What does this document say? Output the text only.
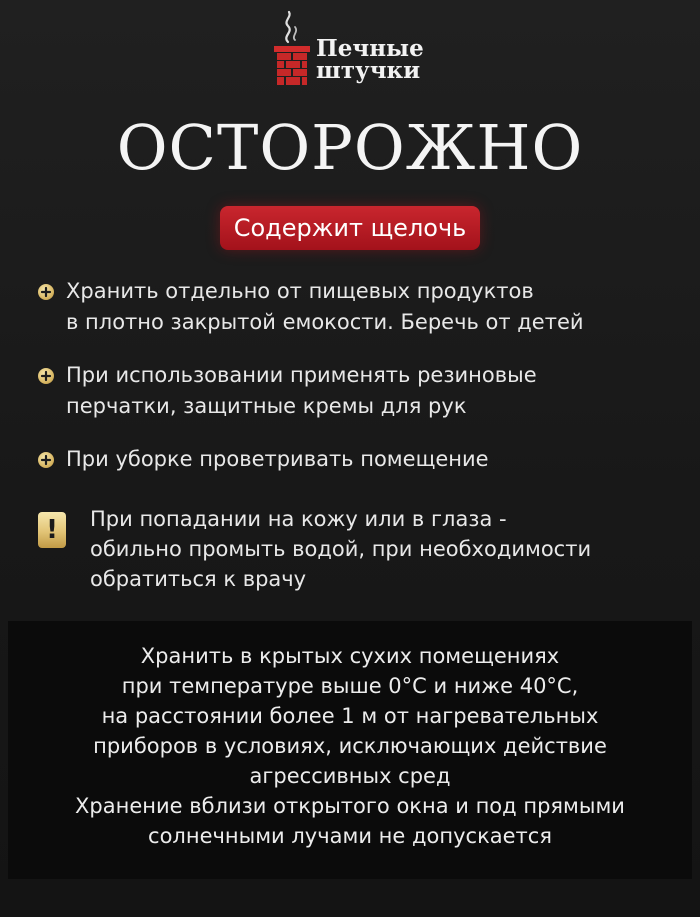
Печные
штучки
ОСТОРОЖНО
Содержит щелочь
Хранить отдельно от пищевых продуктов
в плотно закрытой емокости. Беречь от детей
При использовании применять резиновые
перчатки, защитные кремы для рук
При уборке проветривать помещение
!	При попадании на кожу или в глаза -
обильно промыть водой, при необходимости
обратиться к врачу
Хранить в крытых сухих помещениях
при температуре выше 0°C и ниже 40°C,
на расстоянии более 1 м от нагревательных
приборов в условиях, исключающих действие
агрессивных сред
Хранение вблизи открытого окна и под прямыми
солнечными лучами не допускается
